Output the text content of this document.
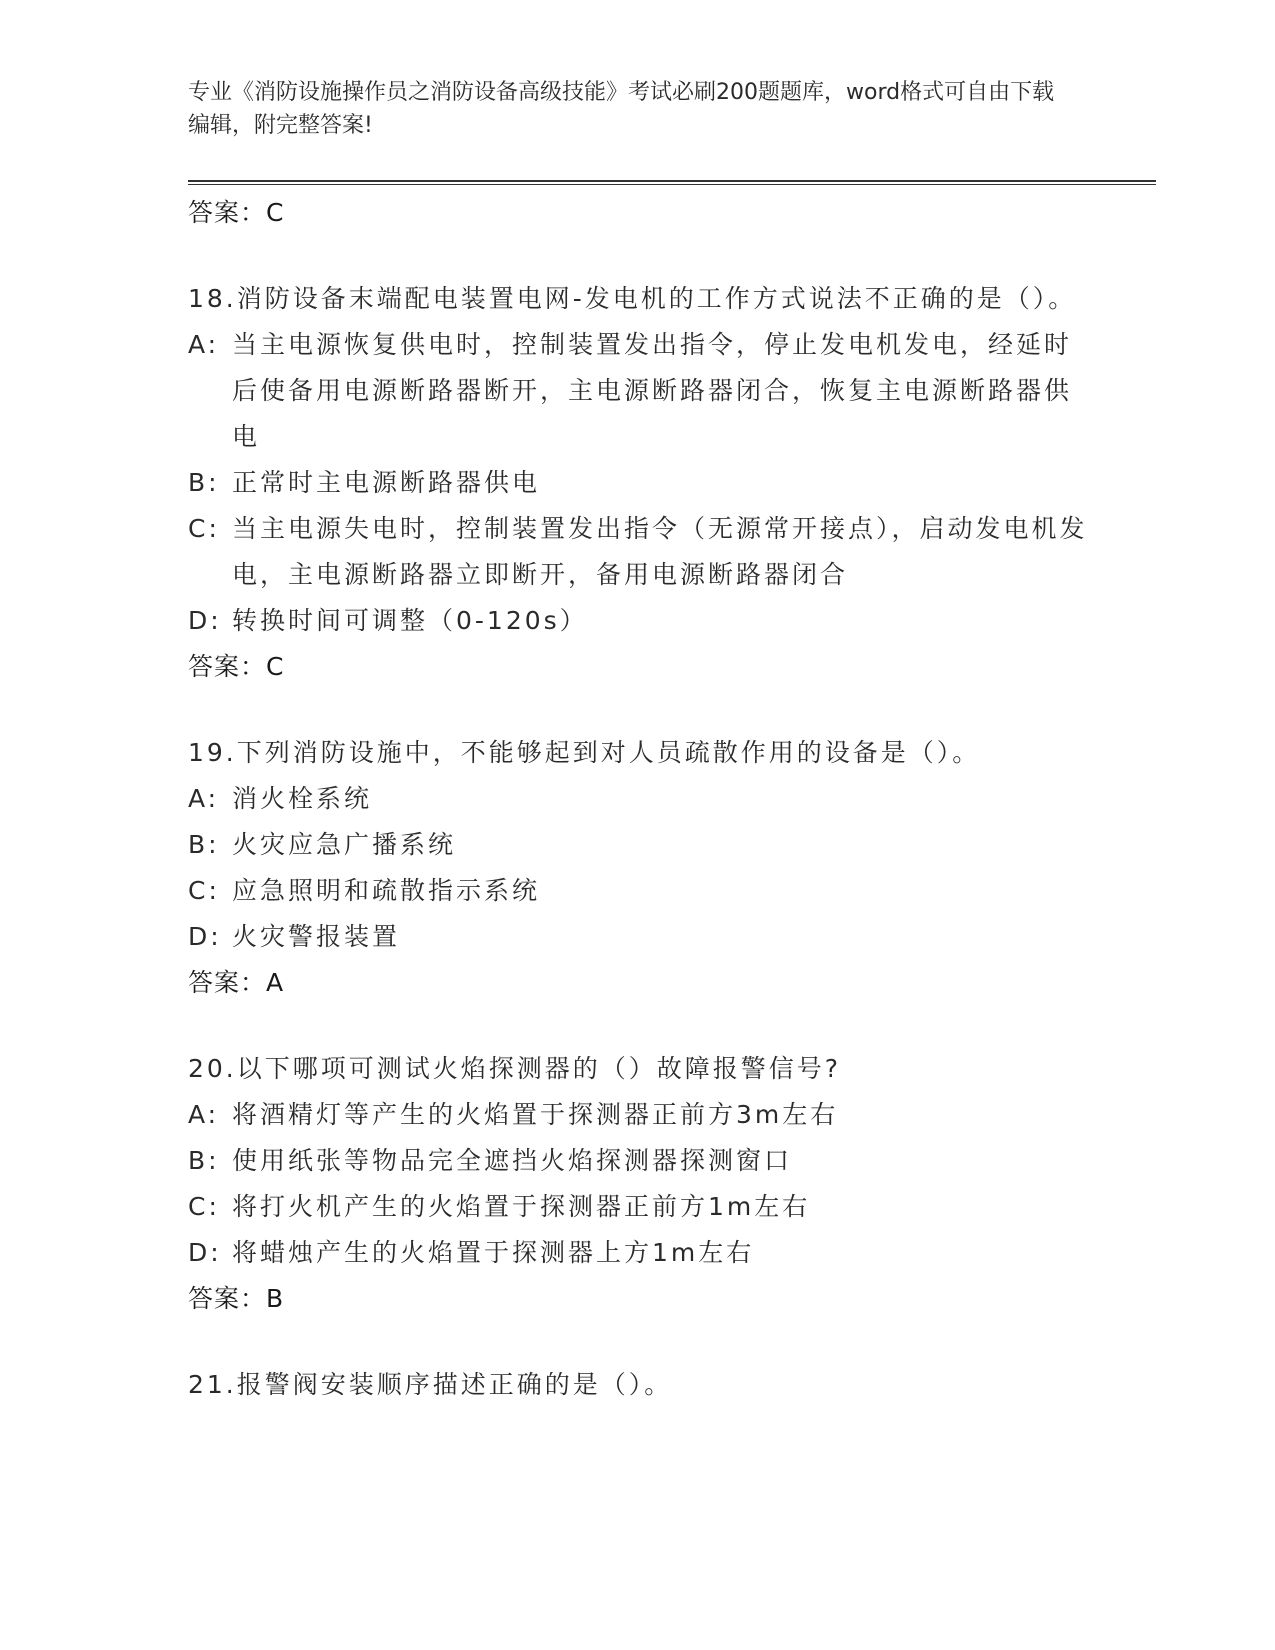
专业《消防设施操作员之消防设备高级技能》考试必刷200题题库，word格式可自由下载编辑，附完整答案!

答案：C

18.消防设备末端配电装置电网-发电机的工作方式说法不正确的是（）。

A: 当主电源恢复供电时，控制装置发出指令，停止发电机发电，经延时后使备用电源断路器断开，主电源断路器闭合，恢复主电源断路器供电
B: 正常时主电源断路器供电
C: 当主电源失电时，控制装置发出指令（无源常开接点），启动发电机发电，主电源断路器立即断开，备用电源断路器闭合
D: 转换时间可调整（0-120s）

答案：C

19.下列消防设施中，不能够起到对人员疏散作用的设备是（）。

A: 消火栓系统
B: 火灾应急广播系统
C: 应急照明和疏散指示系统
D: 火灾警报装置

答案：A

20.以下哪项可测试火焰探测器的（）故障报警信号?

A: 将酒精灯等产生的火焰置于探测器正前方3m左右
B: 使用纸张等物品完全遮挡火焰探测器探测窗口
C: 将打火机产生的火焰置于探测器正前方1m左右
D: 将蜡烛产生的火焰置于探测器上方1m左右

答案：B

21.报警阀安装顺序描述正确的是（）。
